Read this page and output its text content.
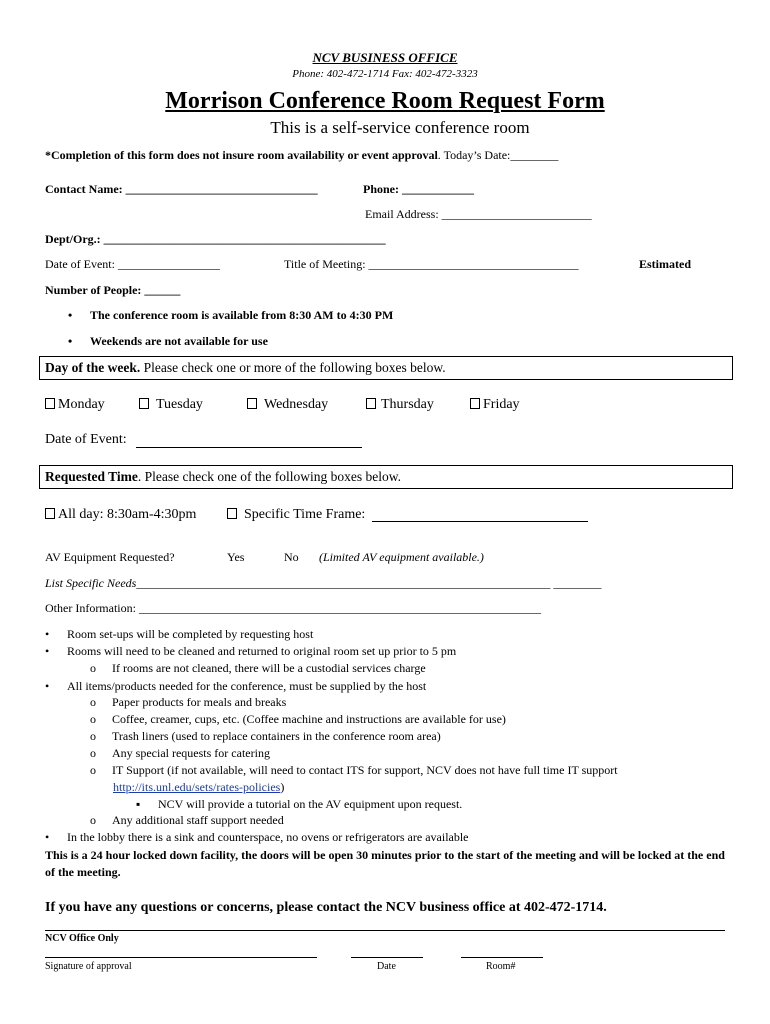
NCV BUSINESS OFFICE
Phone: 402-472-1714 Fax: 402-472-3323
Morrison Conference Room Request Form
This is a self-service conference room
*Completion of this form does not insure room availability or event approval. Today’s Date:________
Contact Name: ________________________________	Phone: ____________
Email Address: _________________________
Dept/Org.: _______________________________________________
Date of Event: _________________	Title of Meeting: ___________________________________	Estimated
Number of People: ______
• The conference room is available from 8:30 AM to 4:30 PM
• Weekends are not available for use
Day of the week. Please check one or more of the following boxes below.
Monday	Tuesday	Wednesday	Thursday	Friday
Date of Event:
Requested Time. Please check one of the following boxes below.
All day: 8:30am-4:30pm	Specific Time Frame:
AV Equipment Requested?	Yes	No (Limited AV equipment available.)
List Specific Needs_____________________________________________________________________ ________
Other Information: ___________________________________________________________________
• Room set-ups will be completed by requesting host
• Rooms will need to be cleaned and returned to original room set up prior to 5 pm
o If rooms are not cleaned, there will be a custodial services charge
• All items/products needed for the conference, must be supplied by the host
o Paper products for meals and breaks
o Coffee, creamer, cups, etc. (Coffee machine and instructions are available for use)
o Trash liners (used to replace containers in the conference room area)
o Any special requests for catering
o IT Support (if not available, will need to contact ITS for support, NCV does not have full time IT support
http://its.unl.edu/sets/rates-policies)
▪ NCV will provide a tutorial on the AV equipment upon request.
o Any additional staff support needed
• In the lobby there is a sink and counterspace, no ovens or refrigerators are available
This is a 24 hour locked down facility, the doors will be open 30 minutes prior to the start of the meeting and will be locked at the end of the meeting.
If you have any questions or concerns, please contact the NCV business office at 402-472-1714.
NCV Office Only
Signature of approval	Date	Room#
